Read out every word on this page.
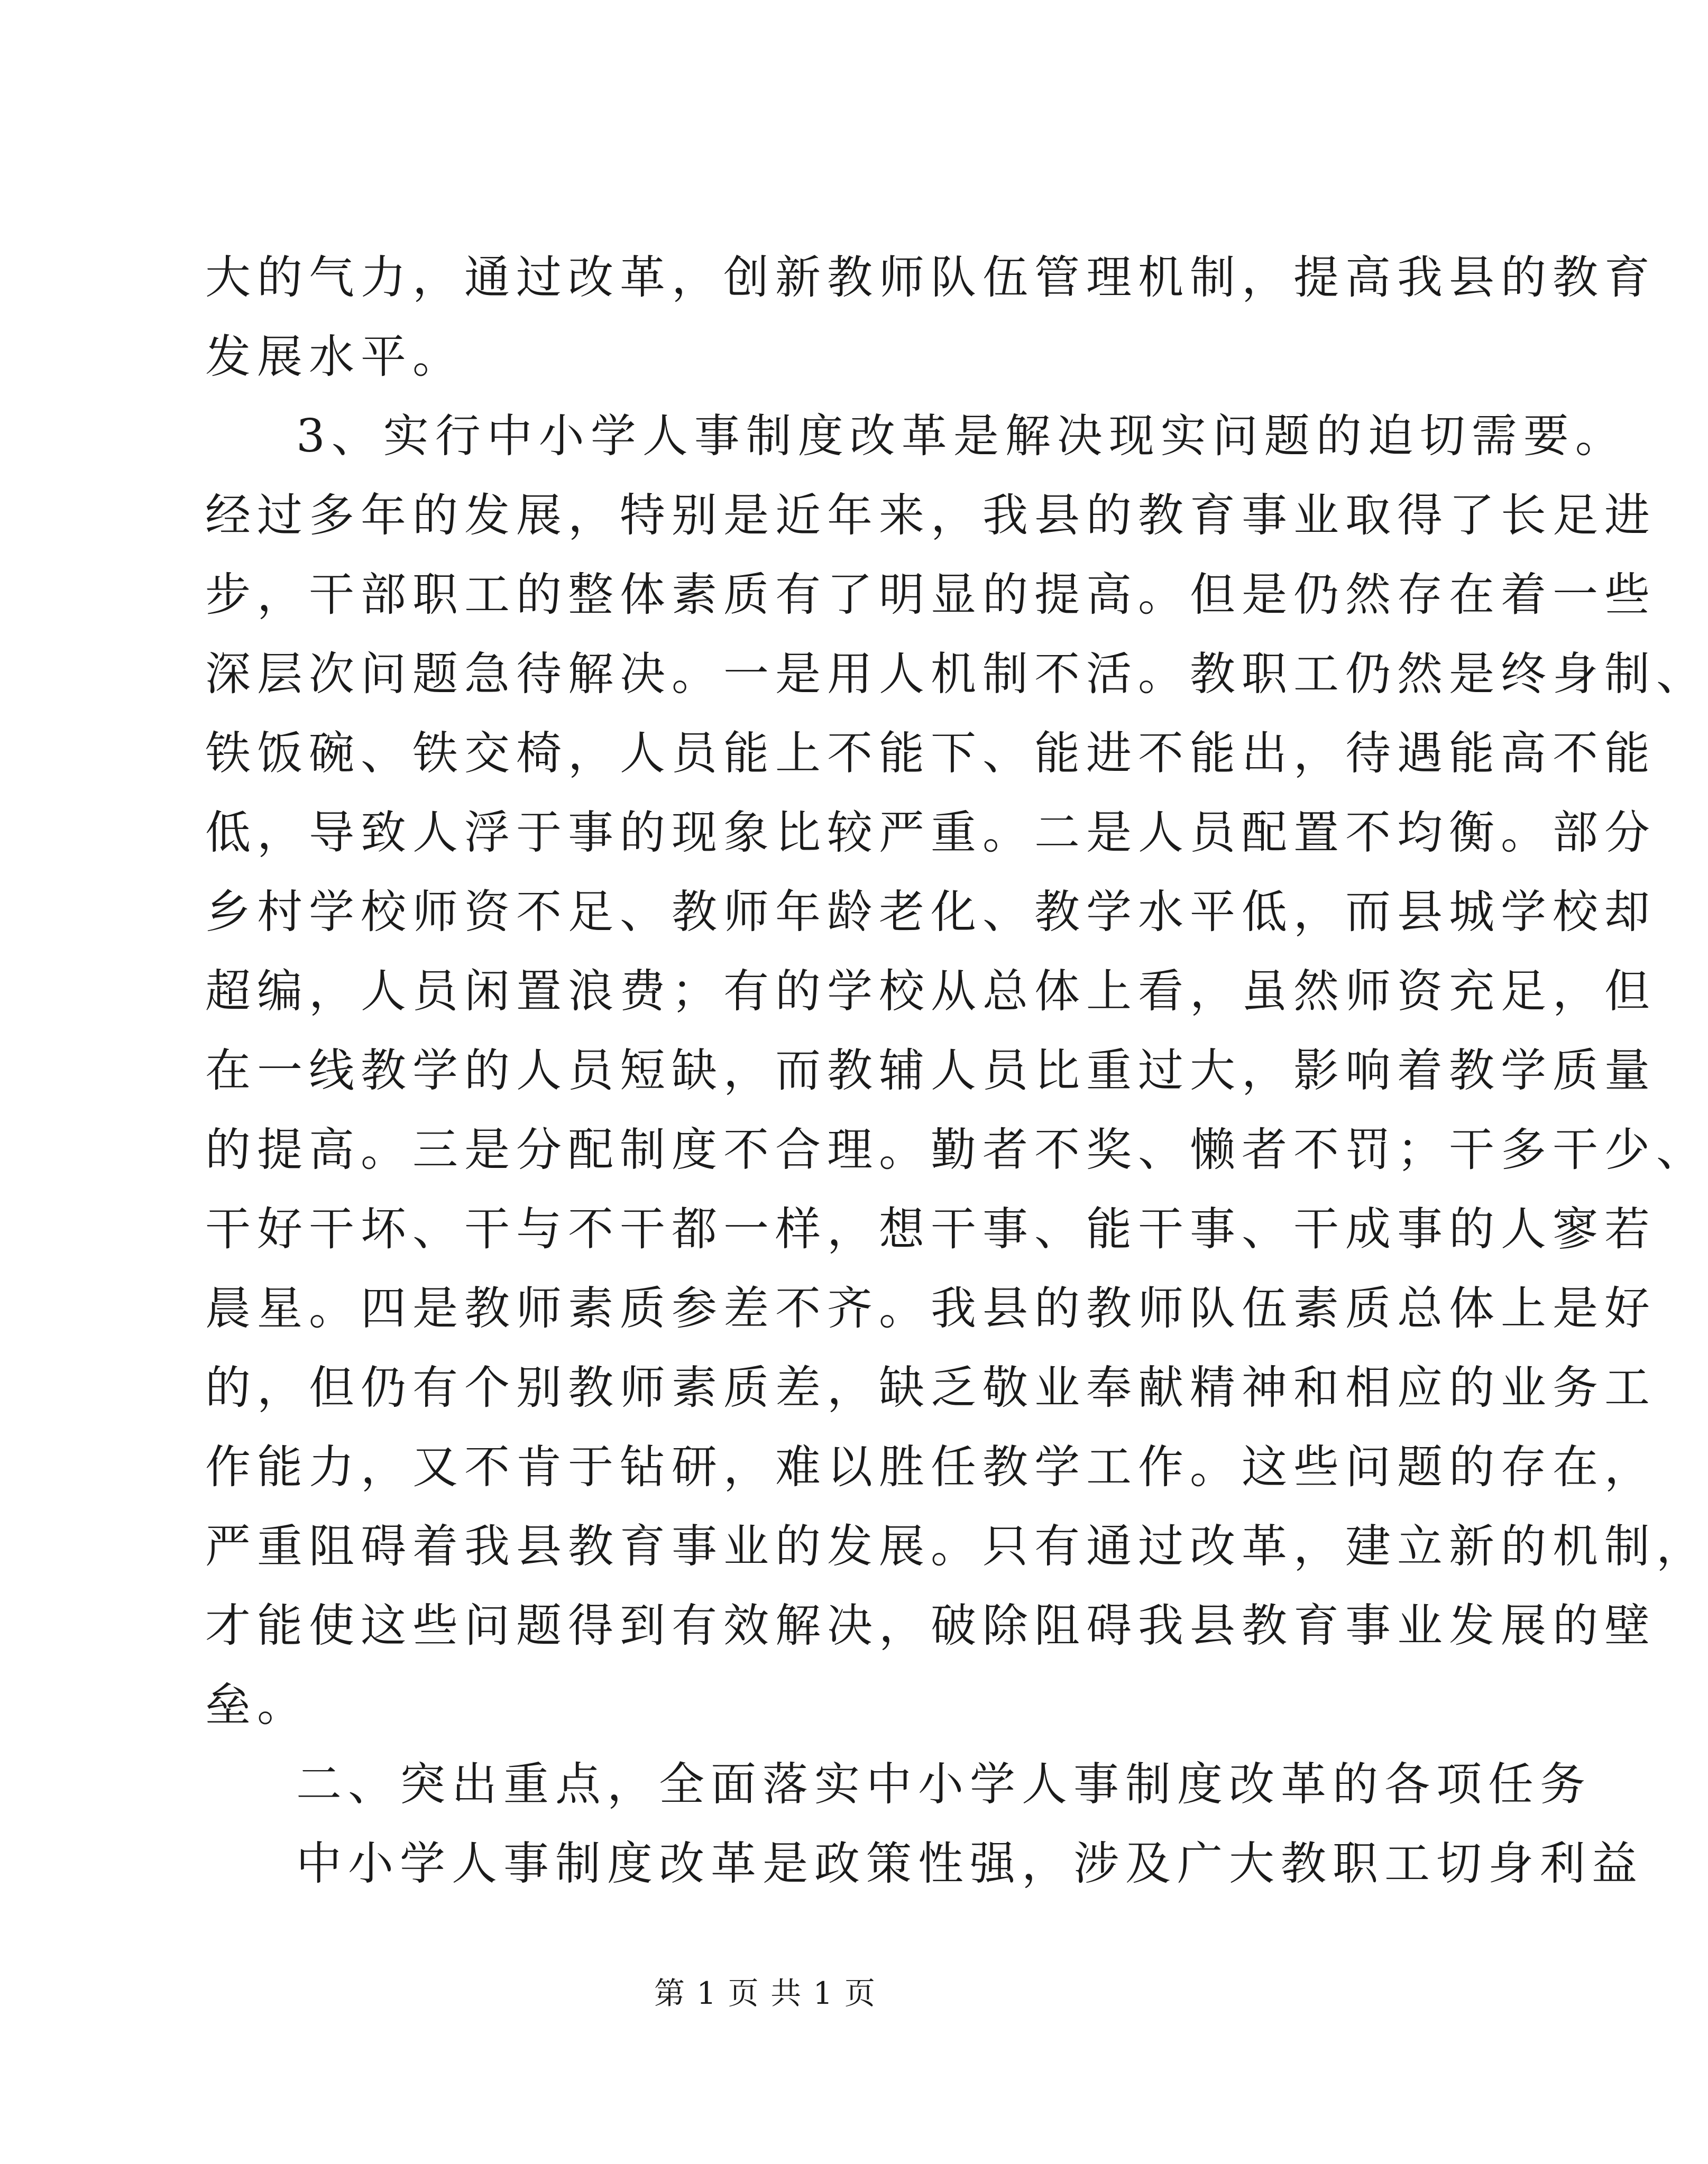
大的气力，通过改革，创新教师队伍管理机制，提高我县的教育
发展水平。
3、实行中小学人事制度改革是解决现实问题的迫切需要。
经过多年的发展，特别是近年来，我县的教育事业取得了长足进
步，干部职工的整体素质有了明显的提高。但是仍然存在着一些
深层次问题急待解决。一是用人机制不活。教职工仍然是终身制、
铁饭碗、铁交椅，人员能上不能下、能进不能出，待遇能高不能
低，导致人浮于事的现象比较严重。二是人员配置不均衡。部分
乡村学校师资不足、教师年龄老化、教学水平低，而县城学校却
超编，人员闲置浪费；有的学校从总体上看，虽然师资充足，但
在一线教学的人员短缺，而教辅人员比重过大，影响着教学质量
的提高。三是分配制度不合理。勤者不奖、懒者不罚；干多干少、
干好干坏、干与不干都一样，想干事、能干事、干成事的人寥若
晨星。四是教师素质参差不齐。我县的教师队伍素质总体上是好
的，但仍有个别教师素质差，缺乏敬业奉献精神和相应的业务工
作能力，又不肯于钻研，难以胜任教学工作。这些问题的存在，
严重阻碍着我县教育事业的发展。只有通过改革，建立新的机制，
才能使这些问题得到有效解决，破除阻碍我县教育事业发展的壁
垒。
第 1 页 共 1 页
二、突出重点，全面落实中小学人事制度改革的各项任务
中小学人事制度改革是政策性强，涉及广大教职工切身利益
